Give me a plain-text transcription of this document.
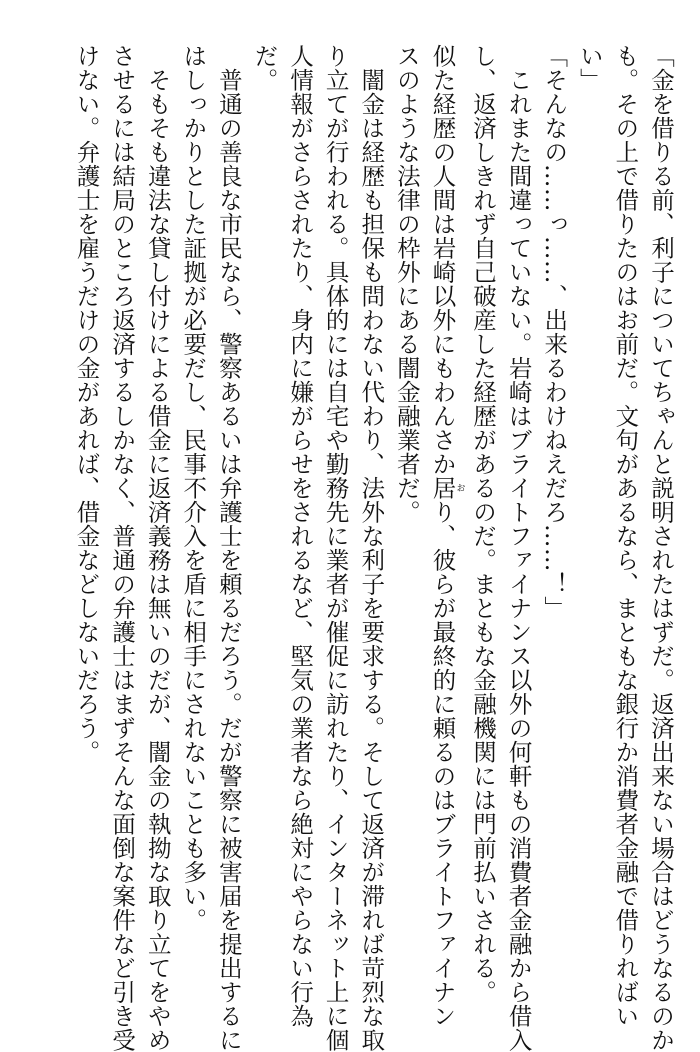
「金を借りる前、利子についてちゃんと説明されたはずだ。返済出来ない場合はどうなるのか
も。その上で借りたのはお前だ。文句があるなら、まともな銀行か消費者金融で借りればい
い」
「そんなの……っ……、出来るわけねえだろ……！」
これまた間違っていない。岩崎はブライトファイナンス以外の何軒もの消費者金融から借入
し、返済しきれず自己破産した経歴があるのだ。まともな金融機関には門前払いされる。
似た経歴の人間は岩崎以外にもわんさか居おり、彼らが最終的に頼るのはブライトファイナン
スのような法律の枠外にある闇金融業者だ。
闇金は経歴も担保も問わない代わり、法外な利子を要求する。そして返済が滞れば苛烈な取
り立てが行われる。具体的には自宅や勤務先に業者が催促に訪れたり、インターネット上に個
人情報がさらされたり、身内に嫌がらせをされるなど、堅気の業者なら絶対にやらない行為
だ。
普通の善良な市民なら、警察あるいは弁護士を頼るだろう。だが警察に被害届を提出するに
はしっかりとした証拠が必要だし、民事不介入を盾に相手にされないことも多い。
そもそも違法な貸し付けによる借金に返済義務は無いのだが、闇金の執拗な取り立てをやめ
させるには結局のところ返済するしかなく、普通の弁護士はまずそんな面倒な案件など引き受
けない。弁護士を雇うだけの金があれば、借金などしないだろう。
